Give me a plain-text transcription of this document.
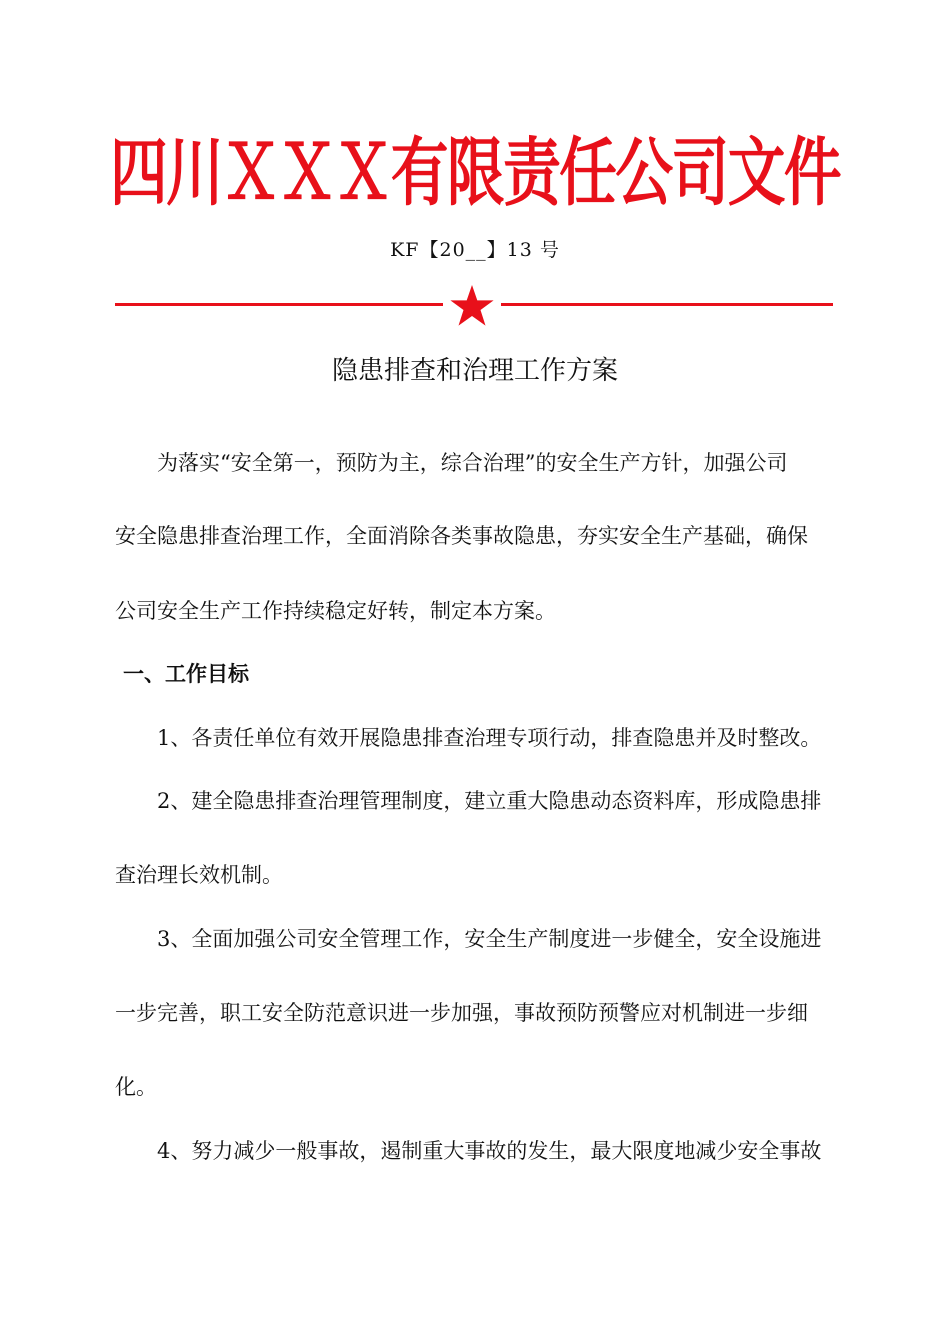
四川ＸＸＸ有限责任公司文件
KF【20__】13 号
隐患排查和治理工作方案

　　为落实“安全第一，预防为主，综合治理”的安全生产方针，加强公司

安全隐患排查治理工作，全面消除各类事故隐患，夯实安全生产基础，确保

公司安全生产工作持续稳定好转，制定本方案。

一、工作目标

　　1、各责任单位有效开展隐患排查治理专项行动，排查隐患并及时整改。

　　2、建全隐患排查治理管理制度，建立重大隐患动态资料库，形成隐患排

查治理长效机制。

　　3、全面加强公司安全管理工作，安全生产制度进一步健全，安全设施进

一步完善，职工安全防范意识进一步加强，事故预防预警应对机制进一步细

化。

　　4、努力减少一般事故，遏制重大事故的发生，最大限度地减少安全事故
